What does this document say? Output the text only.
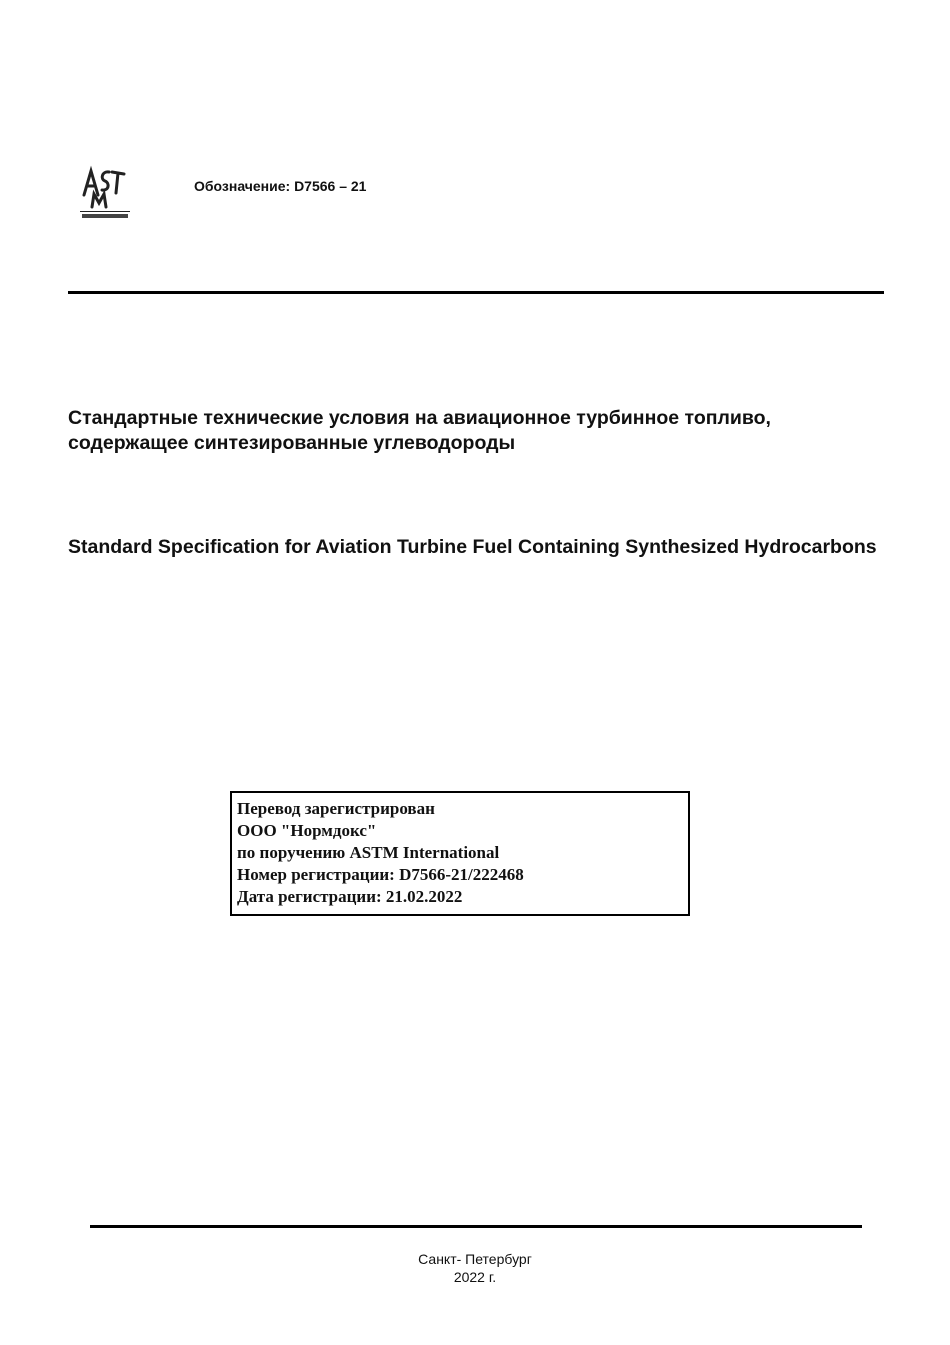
Обозначение: D7566 – 21
Стандартные технические условия на авиационное турбинное топливо, содержащее синтезированные углеводороды
Standard Specification for Aviation Turbine Fuel Containing Synthesized Hydrocarbons
Перевод зарегистрирован
ООО "Нормдокс"
по поручению ASTM International
Номер регистрации: D7566-21/222468
Дата регистрации: 21.02.2022
Санкт- Петербург
2022 г.
